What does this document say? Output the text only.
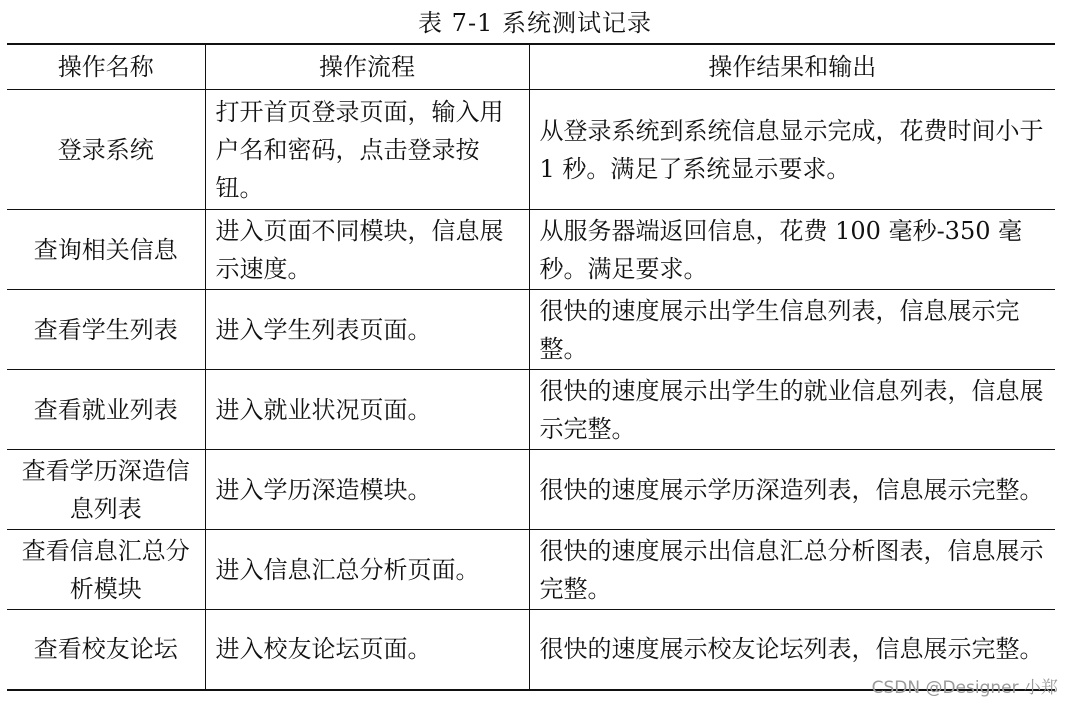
表 7-1 系统测试记录
操作名称	操作流程	操作结果和输出

登录系统	打开首页登录页面，输入用户名和密码，点击登录按钮。	从登录系统到系统信息显示完成，花费时间小于 1 秒。满足了系统显示要求。

查询相关信息	进入页面不同模块，信息展示速度。	从服务器端返回信息，花费 100 毫秒-350 毫秒。满足要求。

查看学生列表	进入学生列表页面。	很快的速度展示出学生信息列表，信息展示完整。

查看就业列表	进入就业状况页面。	很快的速度展示出学生的就业信息列表，信息展示完整。

查看学历深造信息列表	进入学历深造模块。	很快的速度展示学历深造列表，信息展示完整。

查看信息汇总分析模块	进入信息汇总分析页面。	很快的速度展示出信息汇总分析图表，信息展示完整。

查看校友论坛	进入校友论坛页面。	很快的速度展示校友论坛列表，信息展示完整。
CSDN @Designer 小郑
